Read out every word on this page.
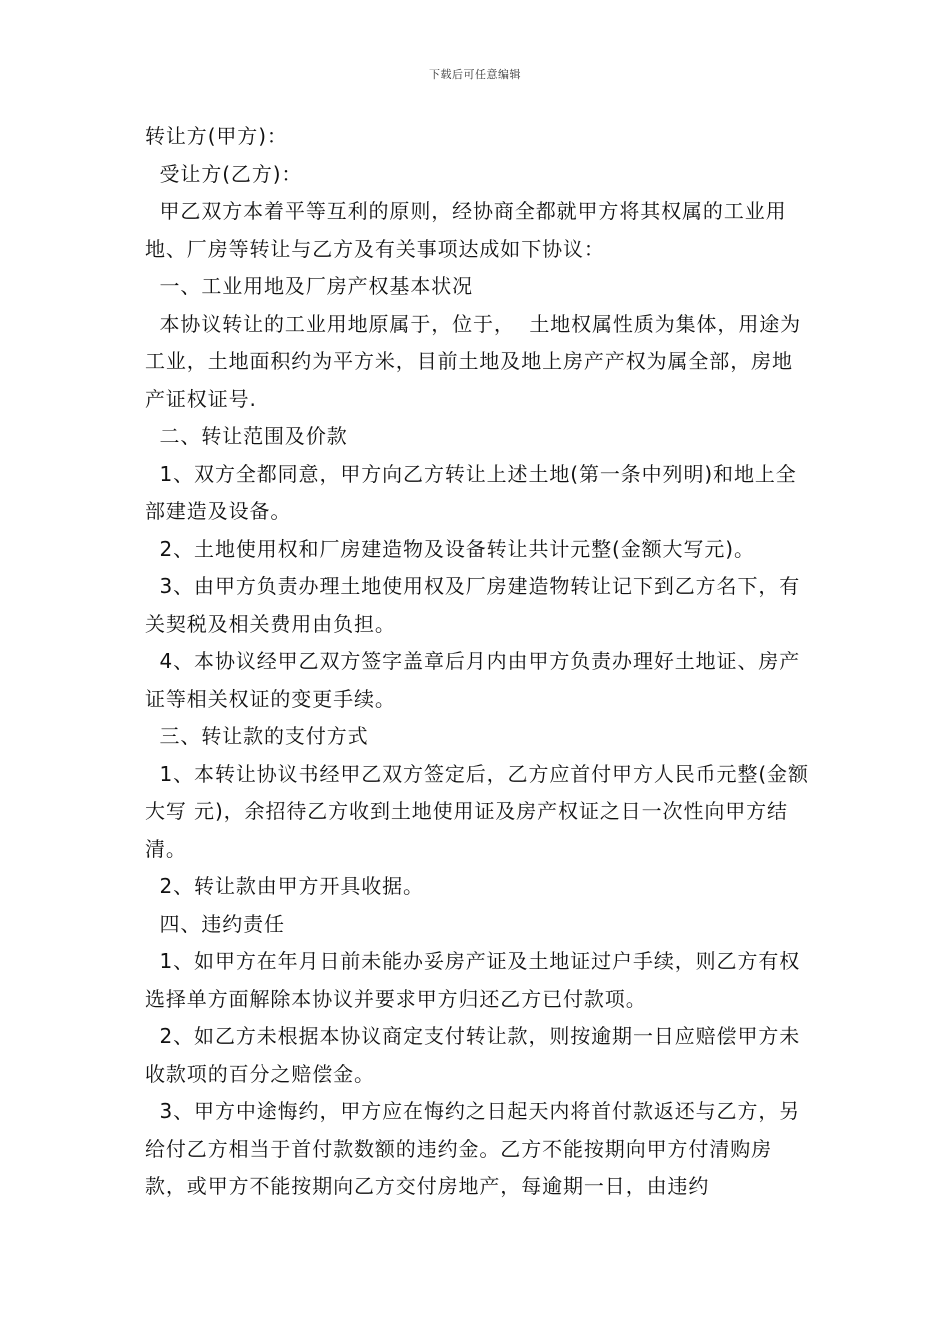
下载后可任意编辑

转让方(甲方)：

受让方(乙方)：

甲乙双方本着平等互利的原则，经协商全都就甲方将其权属的工业用地、厂房等转让与乙方及有关事项达成如下协议：

一、工业用地及厂房产权基本状况

本协议转让的工业用地原属于，位于，  土地权属性质为集体，用途为工业，土地面积约为平方米，目前土地及地上房产产权为属全部，房地产证权证号.

二、转让范围及价款

1、双方全都同意，甲方向乙方转让上述土地(第一条中列明)和地上全部建造及设备。

2、土地使用权和厂房建造物及设备转让共计元整(金额大写元)。

3、由甲方负责办理土地使用权及厂房建造物转让记下到乙方名下，有关契税及相关费用由负担。

4、本协议经甲乙双方签字盖章后月内由甲方负责办理好土地证、房产证等相关权证的变更手续。

三、转让款的支付方式

1、本转让协议书经甲乙双方签定后，乙方应首付甲方人民币元整(金额大写 元)，余招待乙方收到土地使用证及房产权证之日一次性向甲方结清。

2、转让款由甲方开具收据。

四、违约责任

1、如甲方在年月日前未能办妥房产证及土地证过户手续，则乙方有权选择单方面解除本协议并要求甲方归还乙方已付款项。

2、如乙方未根据本协议商定支付转让款，则按逾期一日应赔偿甲方未收款项的百分之赔偿金。

3、甲方中途悔约，甲方应在悔约之日起天内将首付款返还与乙方，另给付乙方相当于首付款数额的违约金。乙方不能按期向甲方付清购房款，或甲方不能按期向乙方交付房地产，每逾期一日，由违约
